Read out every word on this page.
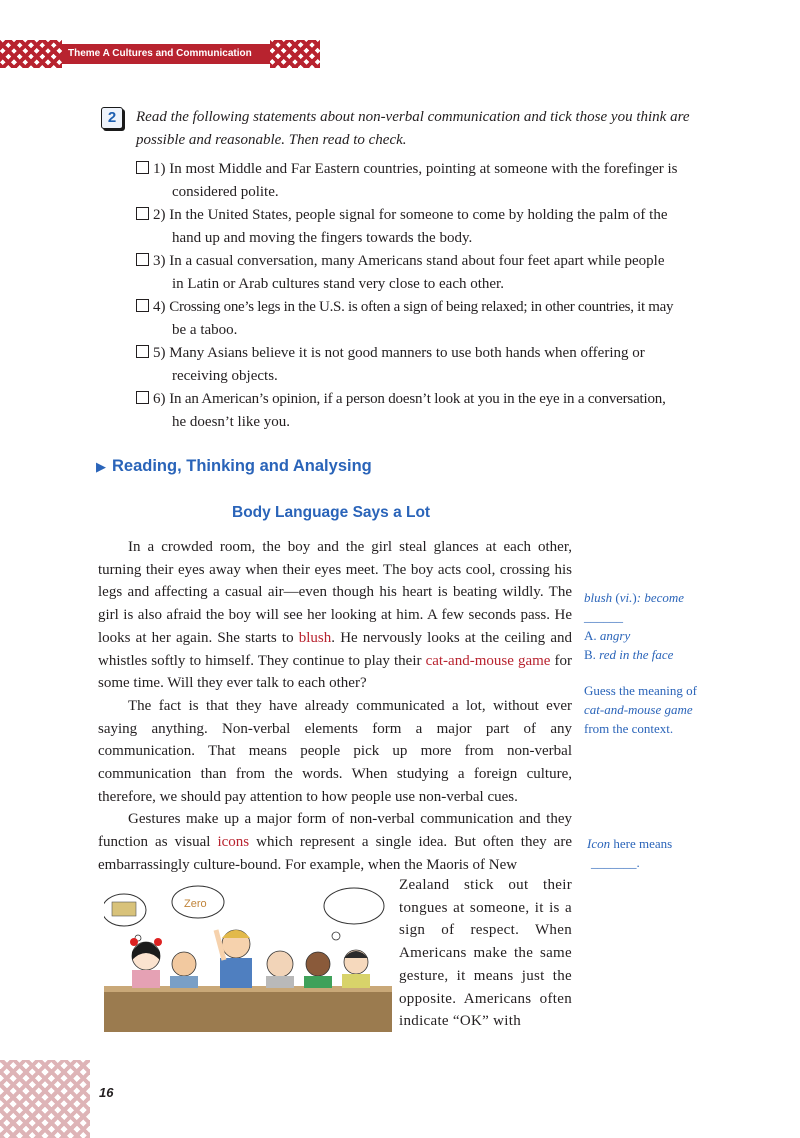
Theme A Cultures and Communication
2	Read the following statements about non-verbal communication and tick those you think are possible and reasonable. Then read to check.
1) In most Middle and Far Eastern countries, pointing at someone with the forefinger is
considered polite.
2) In the United States, people signal for someone to come by holding the palm of the
hand up and moving the fingers towards the body.
3) In a casual conversation, many Americans stand about four feet apart while people
in Latin or Arab cultures stand very close to each other.
4) Crossing one’s legs in the U.S. is often a sign of being relaxed; in other countries, it may
be a taboo.
5) Many Asians believe it is not good manners to use both hands when offering or
receiving objects.
6) In an American’s opinion, if a person doesn’t look at you in the eye in a conversation,
he doesn’t like you.
▶ Reading, Thinking and Analysing
Body Language Says a Lot

In a crowded room, the boy and the girl steal glances at each other, turning their eyes away when their eyes meet. The boy acts cool, crossing his legs and affecting a casual air—even though his heart is beating wildly. The girl is also afraid the boy will see her looking at him. A few seconds pass. He looks at her again. She starts to blush. He nervously looks at the ceiling and whistles softly to himself. They continue to play their cat-and-mouse game for some time. Will they ever talk to each other?

The fact is that they have already communicated a lot, without ever saying anything. Non-verbal elements form a major part of any communication. That means people pick up more from non-verbal communication than from the words. When studying a foreign culture, therefore, we should pay attention to how people use non-verbal cues.

Gestures make up a major form of non-verbal communication and they function as visual icons which represent a single idea. But often they are embarrassingly culture-bound. For example, when the Maoris of New

Zealand stick out their tongues at someone, it is a sign of respect. When Americans make the same gesture, it means just the opposite. Americans often indicate “OK” with
blush (vi.): become
______
A. angry
B. red in the face
Guess the meaning of
cat-and-mouse game
from the context.
Icon here means
_______.
Zero
16
